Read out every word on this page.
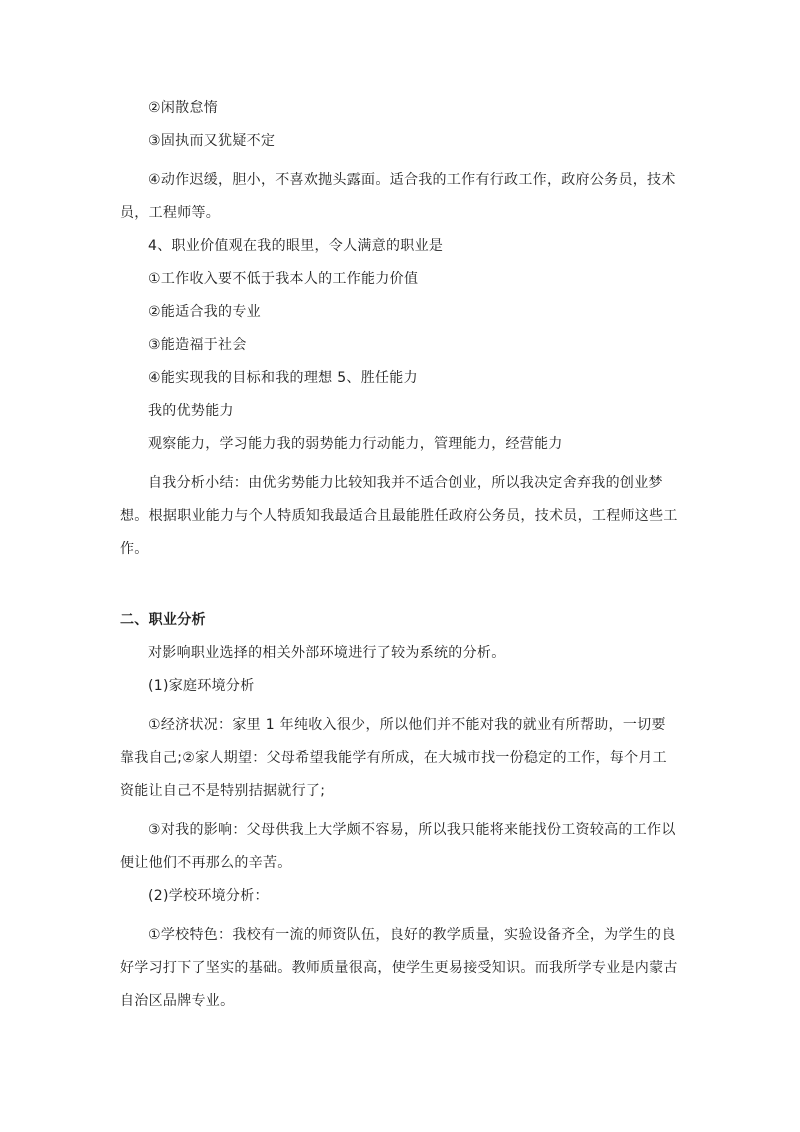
②闲散怠惰

③固执而又犹疑不定

④动作迟缓，胆小，不喜欢抛头露面。适合我的工作有行政工作，政府公务员，技术员，工程师等。

4、职业价值观在我的眼里，令人满意的职业是

①工作收入要不低于我本人的工作能力价值

②能适合我的专业

③能造福于社会

④能实现我的目标和我的理想 5、胜任能力

我的优势能力

观察能力，学习能力我的弱势能力行动能力，管理能力，经营能力

自我分析小结：由优劣势能力比较知我并不适合创业，所以我决定舍弃我的创业梦想。根据职业能力与个人特质知我最适合且最能胜任政府公务员，技术员，工程师这些工作。

二、职业分析

对影响职业选择的相关外部环境进行了较为系统的分析。

(1)家庭环境分析

①经济状况：家里 1 年纯收入很少，所以他们并不能对我的就业有所帮助，一切要靠我自己;②家人期望：父母希望我能学有所成，在大城市找一份稳定的工作，每个月工资能让自己不是特别拮据就行了;

③对我的影响：父母供我上大学颇不容易，所以我只能将来能找份工资较高的工作以便让他们不再那么的辛苦。

(2)学校环境分析：

①学校特色：我校有一流的师资队伍，良好的教学质量，实验设备齐全，为学生的良好学习打下了坚实的基础。教师质量很高，使学生更易接受知识。而我所学专业是内蒙古自治区品牌专业。
